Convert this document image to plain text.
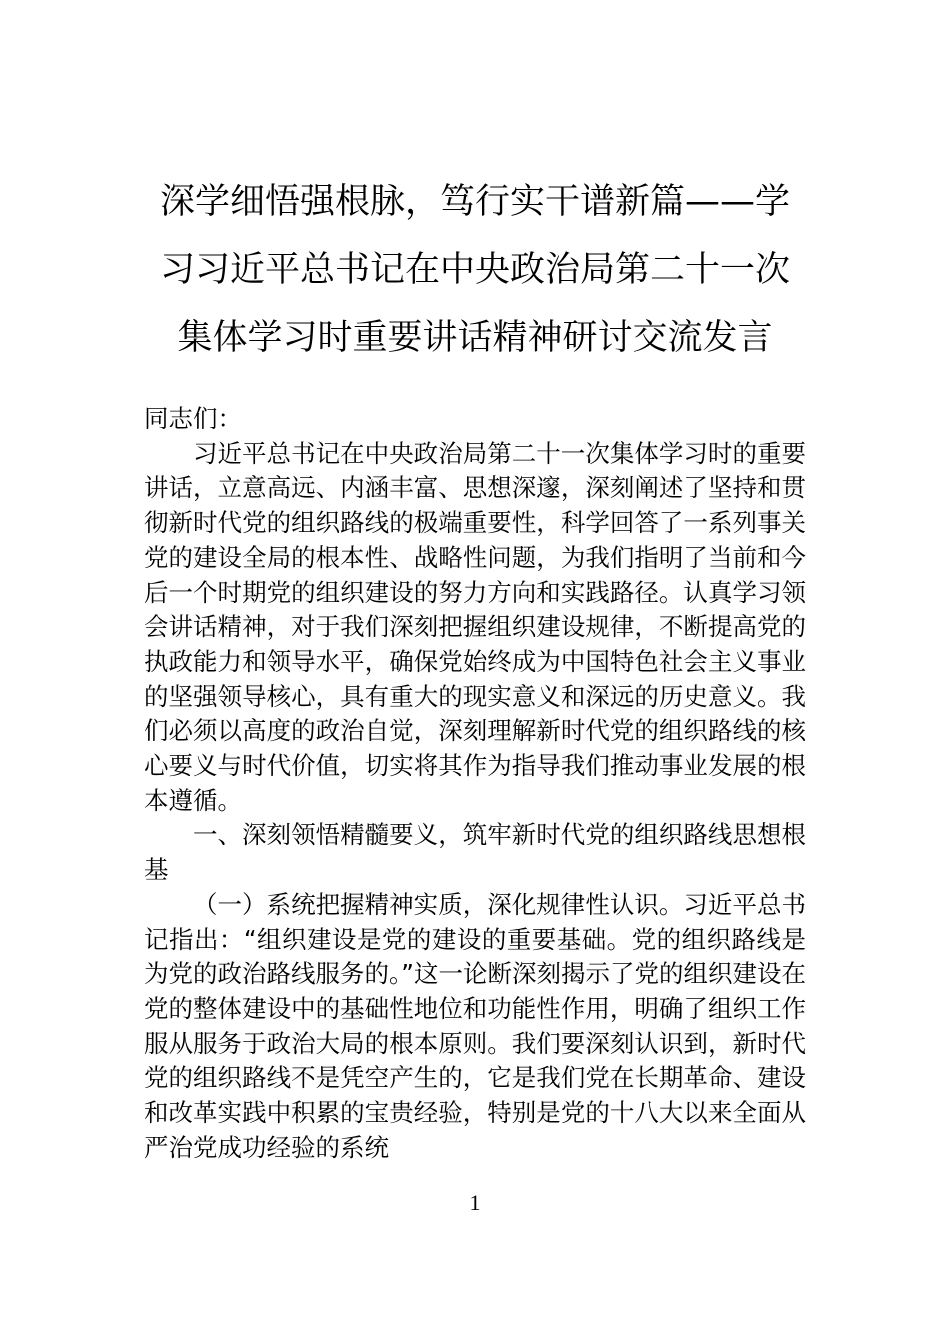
深学细悟强根脉，笃行实干谱新篇——学
习习近平总书记在中央政治局第二十一次
集体学习时重要讲话精神研讨交流发言

同志们：

习近平总书记在中央政治局第二十一次集体学习时的重要讲话，立意高远、内涵丰富、思想深邃，深刻阐述了坚持和贯彻新时代党的组织路线的极端重要性，科学回答了一系列事关党的建设全局的根本性、战略性问题，为我们指明了当前和今后一个时期党的组织建设的努力方向和实践路径。认真学习领会讲话精神，对于我们深刻把握组织建设规律，不断提高党的执政能力和领导水平，确保党始终成为中国特色社会主义事业的坚强领导核心，具有重大的现实意义和深远的历史意义。我们必须以高度的政治自觉，深刻理解新时代党的组织路线的核心要义与时代价值，切实将其作为指导我们推动事业发展的根本遵循。

一、深刻领悟精髓要义，筑牢新时代党的组织路线思想根基

（一）系统把握精神实质，深化规律性认识。习近平总书记指出：“组织建设是党的建设的重要基础。党的组织路线是为党的政治路线服务的。”这一论断深刻揭示了党的组织建设在党的整体建设中的基础性地位和功能性作用，明确了组织工作服从服务于政治大局的根本原则。我们要深刻认识到，新时代党的组织路线不是凭空产生的，它是我们党在长期革命、建设和改革实践中积累的宝贵经验，特别是党的十八大以来全面从严治党成功经验的系统

1
